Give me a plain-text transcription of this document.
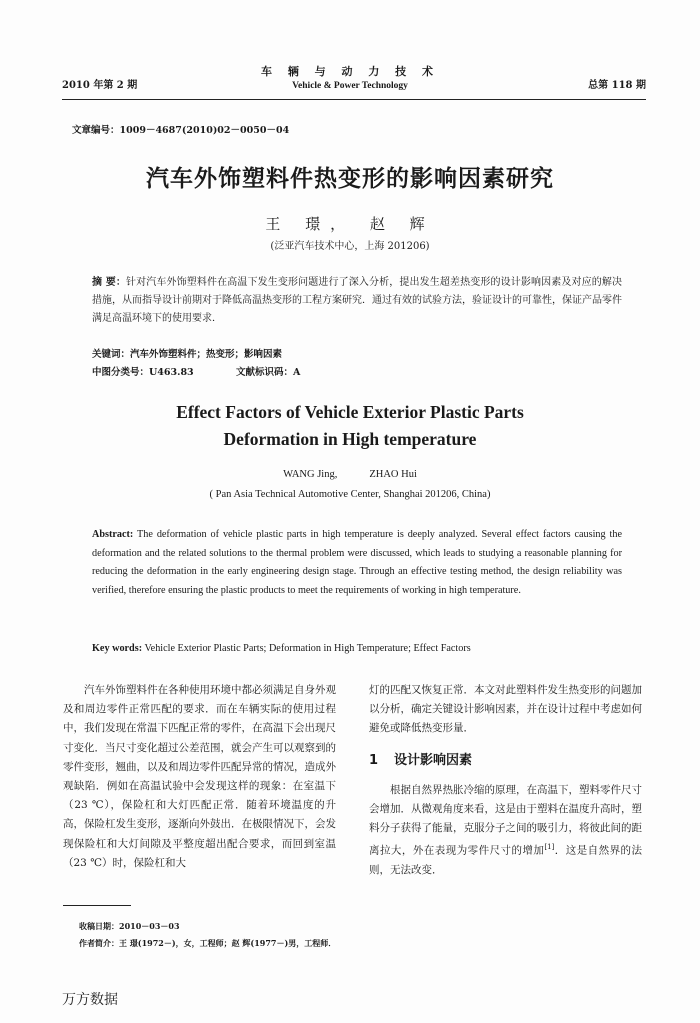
车 辆 与 动 力 技 术
Vehicle & Power Technology
2010 年第 2 期	总第 118 期
文章编号：1009－4687(2010)02－0050－04
汽车外饰塑料件热变形的影响因素研究
王 璟， 赵 辉
(泛亚汽车技术中心，上海 201206)
摘 要：针对汽车外饰塑料件在高温下发生变形问题进行了深入分析，提出发生超差热变形的设计影响因素及对应的解决措施，从而指导设计前期对于降低高温热变形的工程方案研究．通过有效的试验方法，验证设计的可靠性，保证产品零件满足高温环境下的使用要求．
关键词：汽车外饰塑料件；热变形；影响因素
中图分类号：U463.83	文献标识码：A
Effect Factors of Vehicle Exterior Plastic Parts
Deformation in High temperature
WANG Jing,	ZHAO Hui
( Pan Asia Technical Automotive Center, Shanghai 201206, China)
Abstract: The deformation of vehicle plastic parts in high temperature is deeply analyzed. Several effect factors causing the deformation and the related solutions to the thermal problem were discussed, which leads to studying a reasonable planning for reducing the deformation in the early engineering design stage. Through an effective testing method, the design reliability was verified, therefore ensuring the plastic products to meet the requirements of working in high temperature.
Key words: Vehicle Exterior Plastic Parts; Deformation in High Temperature; Effect Factors

汽车外饰塑料件在各种使用环境中都必须满足自身外观及和周边零件正常匹配的要求．而在车辆实际的使用过程中，我们发现在常温下匹配正常的零件，在高温下会出现尺寸变化．当尺寸变化超过公差范围，就会产生可以观察到的零件变形，翘曲，以及和周边零件匹配异常的情况，造成外观缺陷．例如在高温试验中会发现这样的现象：在室温下（23 ℃），保险杠和大灯匹配正常．随着环境温度的升高，保险杠发生变形，逐渐向外鼓出．在极限情况下，会发现保险杠和大灯间隙及平整度超出配合要求，而回到室温（23 ℃）时，保险杠和大

灯的匹配又恢复正常．本文对此塑料件发生热变形的问题加以分析，确定关键设计影响因素，并在设计过程中考虑如何避免或降低热变形量．

1 设计影响因素

根据自然界热胀冷缩的原理，在高温下，塑料零件尺寸会增加．从微观角度来看，这是由于塑料在温度升高时，塑料分子获得了能量，克服分子之间的吸引力，将彼此间的距离拉大，外在表现为零件尺寸的增加[1]．这是自然界的法则，无法改变．

收稿日期：2010－03－03
作者简介：王 璟(1972－)，女，工程师；赵 辉(1977－)男，工程师．
万方数据
